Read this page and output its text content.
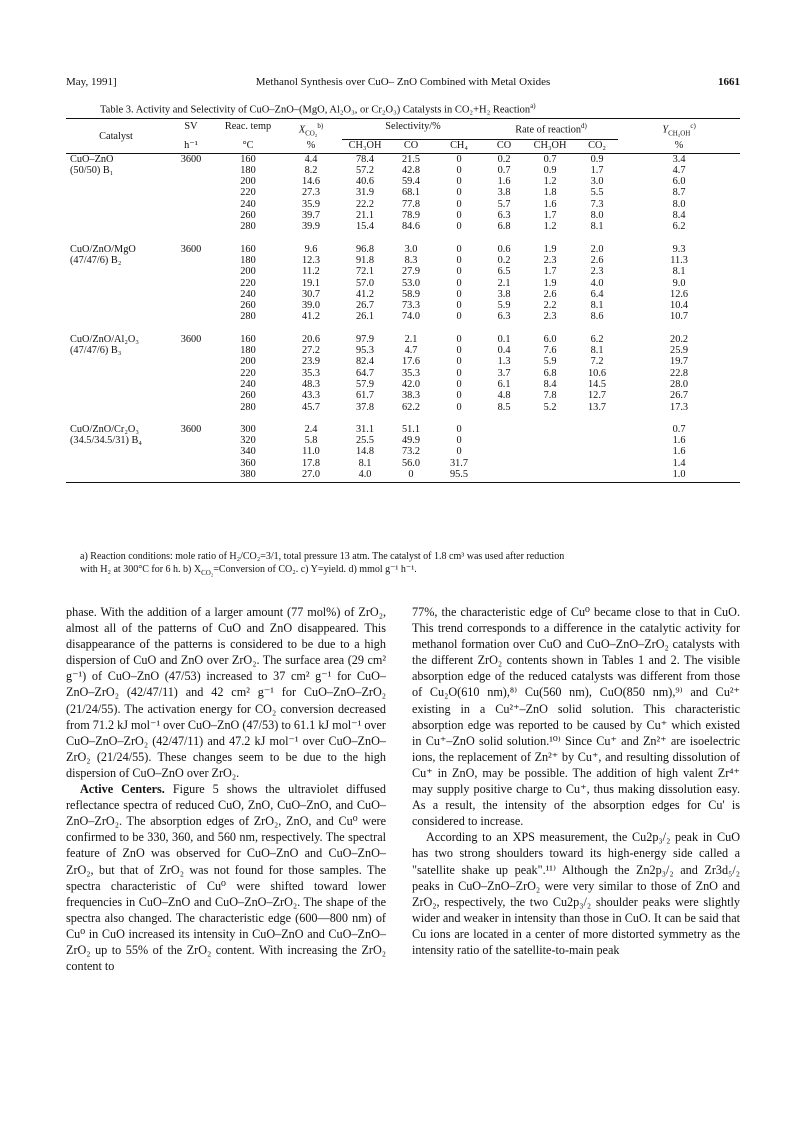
May, 1991]	Methanol Synthesis over CuO– ZnO Combined with Metal Oxides	1661
Table 3. Activity and Selectivity of CuO–ZnO–(MgO, Al₂O₃, or Cr₂O₃) Catalysts in CO₂+H₂ Reaction$^{a)}$
Catalyst	SV	Reac. temp	$X_{CO_2}^{b)}$	Selectivity/%			Rate of reaction$^{d)}$			$Y_{CH_3OH}^{c)}$
	h⁻¹	°C	%	CH₃OH	CO	CH₄	CO	CH₃OH	CO₂	%
CuO–ZnO	3600	160	4.4	78.4	21.5	0	0.2	0.7	0.9	3.4
(50/50) B₁		180	8.2	57.2	42.8	0	0.7	0.9	1.7	4.7
		200	14.6	40.6	59.4	0	1.6	1.2	3.0	6.0
		220	27.3	31.9	68.1	0	3.8	1.8	5.5	8.7
		240	35.9	22.2	77.8	0	5.7	1.6	7.3	8.0
		260	39.7	21.1	78.9	0	6.3	1.7	8.0	8.4
		280	39.9	15.4	84.6	0	6.8	1.2	8.1	6.2

CuO/ZnO/MgO	3600	160	9.6	96.8	3.0	0	0.6	1.9	2.0	9.3
(47/47/6) B₂		180	12.3	91.8	8.3	0	0.2	2.3	2.6	11.3
		200	11.2	72.1	27.9	0	6.5	1.7	2.3	8.1
		220	19.1	57.0	53.0	0	2.1	1.9	4.0	9.0
		240	30.7	41.2	58.9	0	3.8	2.6	6.4	12.6
		260	39.0	26.7	73.3	0	5.9	2.2	8.1	10.4
		280	41.2	26.1	74.0	0	6.3	2.3	8.6	10.7

CuO/ZnO/Al₂O₃	3600	160	20.6	97.9	2.1	0	0.1	6.0	6.2	20.2
(47/47/6) B₃		180	27.2	95.3	4.7	0	0.4	7.6	8.1	25.9
		200	23.9	82.4	17.6	0	1.3	5.9	7.2	19.7
		220	35.3	64.7	35.3	0	3.7	6.8	10.6	22.8
		240	48.3	57.9	42.0	0	6.1	8.4	14.5	28.0
		260	43.3	61.7	38.3	0	4.8	7.8	12.7	26.7
		280	45.7	37.8	62.2	0	8.5	5.2	13.7	17.3

CuO/ZnO/Cr₂O₃	3600	300	2.4	31.1	51.1	0				0.7
(34.5/34.5/31) B₄		320	5.8	25.5	49.9	0				1.6
		340	11.0	14.8	73.2	0				1.6
		360	17.8	8.1	56.0	31.7				1.4
		380	27.0	4.0	0	95.5				1.0
a) Reaction conditions: mole ratio of H₂/CO₂=3/1, total pressure 13 atm. The catalyst of 1.8 cm³ was used after reduction
with H₂ at 300°C for 6 h. b) $X_{CO_2}=Conversion$ of CO₂. c) Y=yield. d) mmol g⁻¹ h⁻¹.

phase. With the addition of a larger amount (77 mol%) of ZrO₂, almost all of the patterns of CuO and ZnO disappeared. This disappearance of the patterns is considered to be due to a high dispersion of CuO and ZnO over ZrO₂. The surface area (29 cm² g⁻¹) of CuO–ZnO (47/53) increased to 37 cm² g⁻¹ for CuO–ZnO–ZrO₂ (42/47/11) and 42 cm² g⁻¹ for CuO–ZnO–ZrO₂ (21/24/55). The activation energy for CO₂ conversion decreased from 71.2 kJ mol⁻¹ over CuO–ZnO (47/53) to 61.1 kJ mol⁻¹ over CuO–ZnO–ZrO₂ (42/47/11) and 47.2 kJ mol⁻¹ over CuO–ZnO–ZrO₂ (21/24/55). These changes seem to be due to the high dispersion of CuO–ZnO over ZrO₂.

Active Centers. Figure 5 shows the ultraviolet diffused reflectance spectra of reduced CuO, ZnO, CuO–ZnO, and CuO–ZnO–ZrO₂. The absorption edges of ZrO₂, ZnO, and Cu⁰ were confirmed to be 330, 360, and 560 nm, respectively. The spectral feature of ZnO was observed for CuO–ZnO and CuO–ZnO–ZrO₂, but that of ZrO₂ was not found for those samples. The spectra characteristic of Cu⁰ were shifted toward lower frequencies in CuO–ZnO and CuO–ZnO–ZrO₂. The shape of the spectra also changed. The characteristic edge (600—800 nm) of Cu⁰ in CuO increased its intensity in CuO–ZnO and CuO–ZnO–ZrO₂ up to 55% of the ZrO₂ content. With increasing the ZrO₂ content to

77%, the characteristic edge of Cu⁰ became close to that in CuO. This trend corresponds to a difference in the catalytic activity for methanol formation over CuO and CuO–ZnO–ZrO₂ catalysts with the different ZrO₂ contents shown in Tables 1 and 2. The visible absorption edge of the reduced catalysts was different from those of Cu₂O(610 nm),⁸⁾ Cu(560 nm), CuO(850 nm),⁹⁾ and Cu²⁺ existing in a Cu²⁺–ZnO solid solution. This characteristic absorption edge was reported to be caused by Cu⁺ which existed in Cu⁺–ZnO solid solution.¹⁰⁾ Since Cu⁺ and Zn²⁺ are isoelectric ions, the replacement of Zn²⁺ by Cu⁺, and resulting dissolution of Cu⁺ in ZnO, may be possible. The addition of high valent Zr⁴⁺ may supply positive charge to Cu⁺, thus making dissolution easy. As a result, the intensity of the absorption edges for Cu' is considered to increase.

According to an XPS measurement, the Cu2p₃/₂ peak in CuO has two strong shoulders toward its high-energy side called a "satellite shake up peak".¹¹⁾ Although the Zn2p₃/₂ and Zr3d₅/₂ peaks in CuO–ZnO–ZrO₂ were very similar to those of ZnO and ZrO₂, respectively, the two Cu2p₃/₂ shoulder peaks were slightly wider and weaker in intensity than those in CuO. It can be said that Cu ions are located in a center of more distorted symmetry as the intensity ratio of the satellite-to-main peak
